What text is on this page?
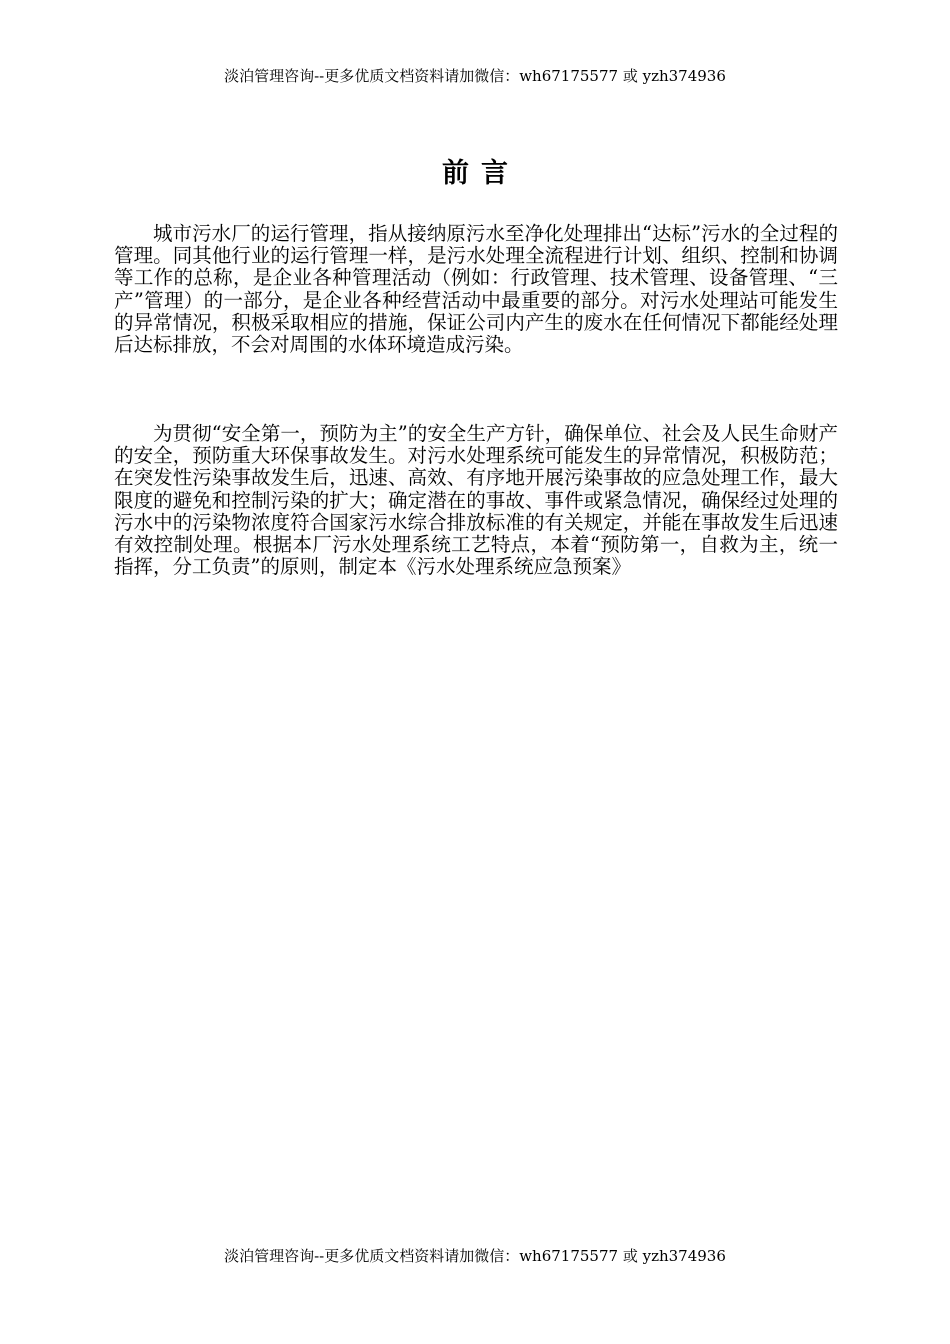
淡泊管理咨询--更多优质文档资料请加微信：wh67175577 或 yzh374936
前言

城市污水厂的运行管理，指从接纳原污水至净化处理排出“达标”污水的全过程的管理。同其他行业的运行管理一样，是污水处理全流程进行计划、组织、控制和协调等工作的总称，是企业各种管理活动（例如：行政管理、技术管理、设备管理、“三产”管理）的一部分，是企业各种经营活动中最重要的部分。对污水处理站可能发生的异常情况，积极采取相应的措施，保证公司内产生的废水在任何情况下都能经处理后达标排放，不会对周围的水体环境造成污染。

为贯彻“安全第一，预防为主”的安全生产方针，确保单位、社会及人民生命财产的安全，预防重大环保事故发生。对污水处理系统可能发生的异常情况，积极防范；在突发性污染事故发生后，迅速、高效、有序地开展污染事故的应急处理工作，最大限度的避免和控制污染的扩大；确定潜在的事故、事件或紧急情况，确保经过处理的污水中的污染物浓度符合国家污水综合排放标准的有关规定，并能在事故发生后迅速有效控制处理。根据本厂污水处理系统工艺特点，本着“预防第一，自救为主，统一指挥，分工负责”的原则，制定本《污水处理系统应急预案》

淡泊管理咨询--更多优质文档资料请加微信：wh67175577 或 yzh374936
